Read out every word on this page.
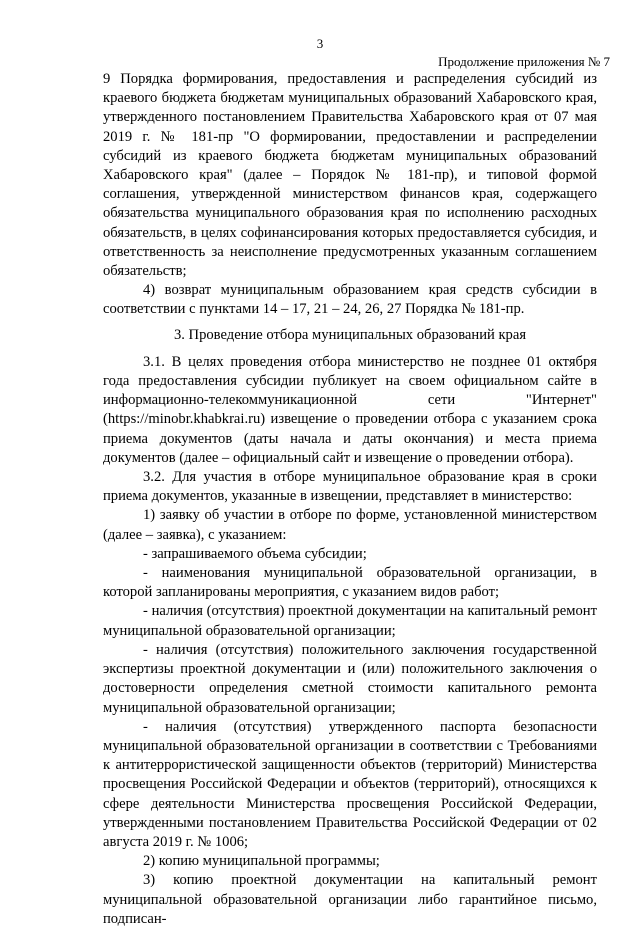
3
Продолжение приложения № 7

9 Порядка формирования, предоставления и распределения субсидий из краевого бюджета бюджетам муниципальных образований Хабаровского края, утвержденного постановлением Правительства Хабаровского края от 07 мая 2019 г. № 181-пр "О формировании, предоставлении и распределении субсидий из краевого бюджета бюджетам муниципальных образований Хабаровского края" (далее – Порядок № 181-пр), и типовой формой соглашения, утвержденной министерством финансов края, содержащего обязательства муниципального образования края по исполнению расходных обязательств, в целях софинансирования которых предоставляется субсидия, и ответственность за неисполнение предусмотренных указанным соглашением обязательств;

4) возврат муниципальным образованием края средств субсидии в соответствии с пунктами 14 – 17, 21 – 24, 26, 27 Порядка № 181-пр.

3. Проведение отбора муниципальных образований края

3.1. В целях проведения отбора министерство не позднее 01 октября года предоставления субсидии публикует на своем официальном сайте в информационно-телекоммуникационной сети "Интернет"

(https://minobr.khabkrai.ru) извещение о проведении отбора с указанием срока приема документов (даты начала и даты окончания) и места приема документов (далее – официальный сайт и извещение о проведении отбора).

3.2. Для участия в отборе муниципальное образование края в сроки приема документов, указанные в извещении, представляет в министерство:

1) заявку об участии в отборе по форме, установленной министерством (далее – заявка), с указанием:

- запрашиваемого объема субсидии;

- наименования муниципальной образовательной организации, в которой запланированы мероприятия, с указанием видов работ;

- наличия (отсутствия) проектной документации на капитальный ремонт муниципальной образовательной организации;

- наличия (отсутствия) положительного заключения государственной экспертизы проектной документации и (или) положительного заключения о достоверности определения сметной стоимости капитального ремонта муниципальной образовательной организации;

- наличия (отсутствия) утвержденного паспорта безопасности муниципальной образовательной организации в соответствии с Требованиями к антитеррористической защищенности объектов (территорий) Министерства просвещения Российской Федерации и объектов (территорий), относящихся к сфере деятельности Министерства просвещения Российской Федерации, утвержденными постановлением Правительства Российской Федерации от 02 августа 2019 г. № 1006;

2) копию муниципальной программы;

3) копию проектной документации на капитальный ремонт муниципальной образовательной организации либо гарантийное письмо, подписан-
